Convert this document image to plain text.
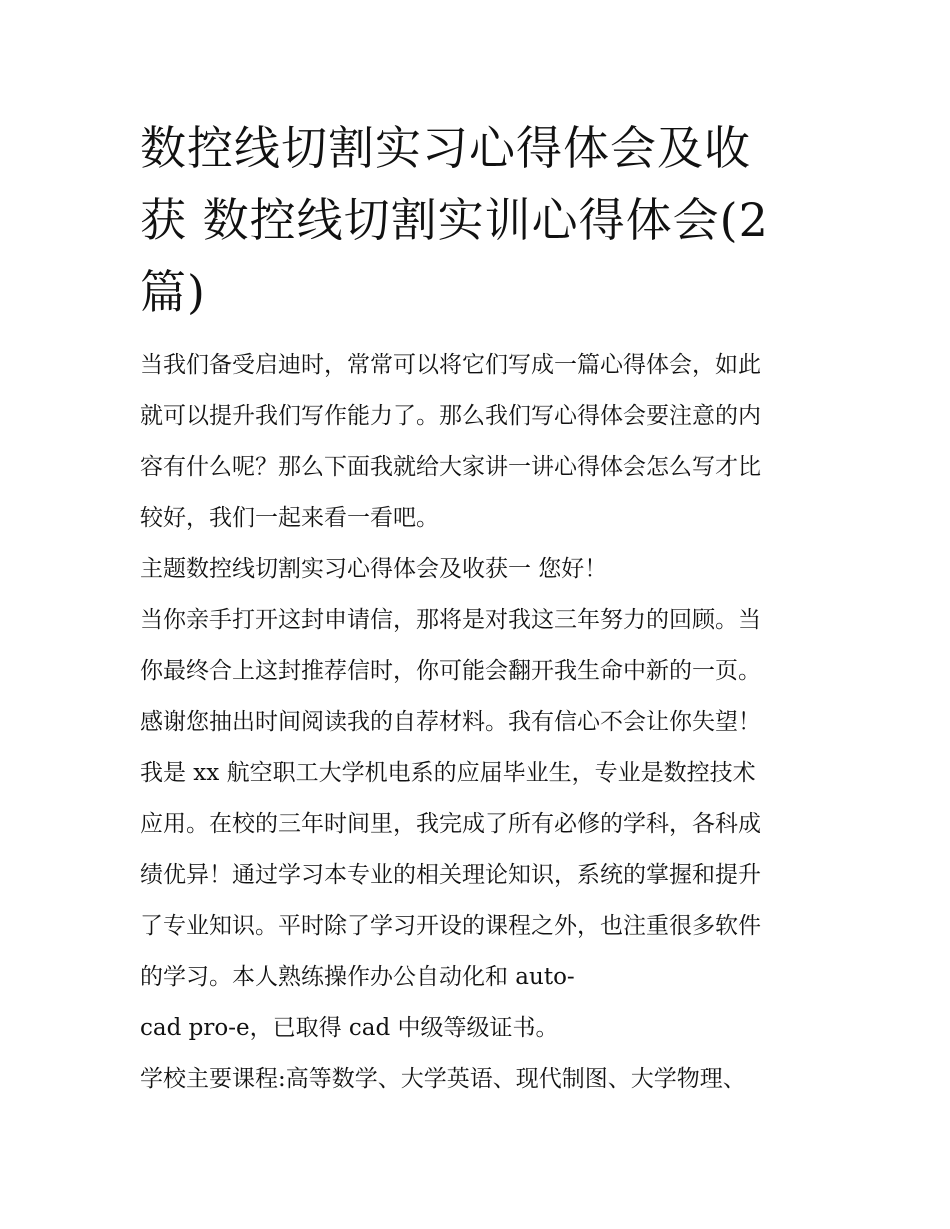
数控线切割实习心得体会及收
获 数控线切割实训心得体会(2
篇)
当我们备受启迪时，常常可以将它们写成一篇心得体会，如此
就可以提升我们写作能力了。那么我们写心得体会要注意的内
容有什么呢？那么下面我就给大家讲一讲心得体会怎么写才比
较好，我们一起来看一看吧。
主题数控线切割实习心得体会及收获一 您好！
当你亲手打开这封申请信，那将是对我这三年努力的回顾。当
你最终合上这封推荐信时，你可能会翻开我生命中新的一页。
感谢您抽出时间阅读我的自荐材料。我有信心不会让你失望！
我是 xx 航空职工大学机电系的应届毕业生，专业是数控技术
应用。在校的三年时间里，我完成了所有必修的学科，各科成
绩优异！通过学习本专业的相关理论知识，系统的掌握和提升
了专业知识。平时除了学习开设的课程之外，也注重很多软件
的学习。本人熟练操作办公自动化和 auto-
cad pro-e，已取得 cad 中级等级证书。
学校主要课程:高等数学、大学英语、现代制图、大学物理、
